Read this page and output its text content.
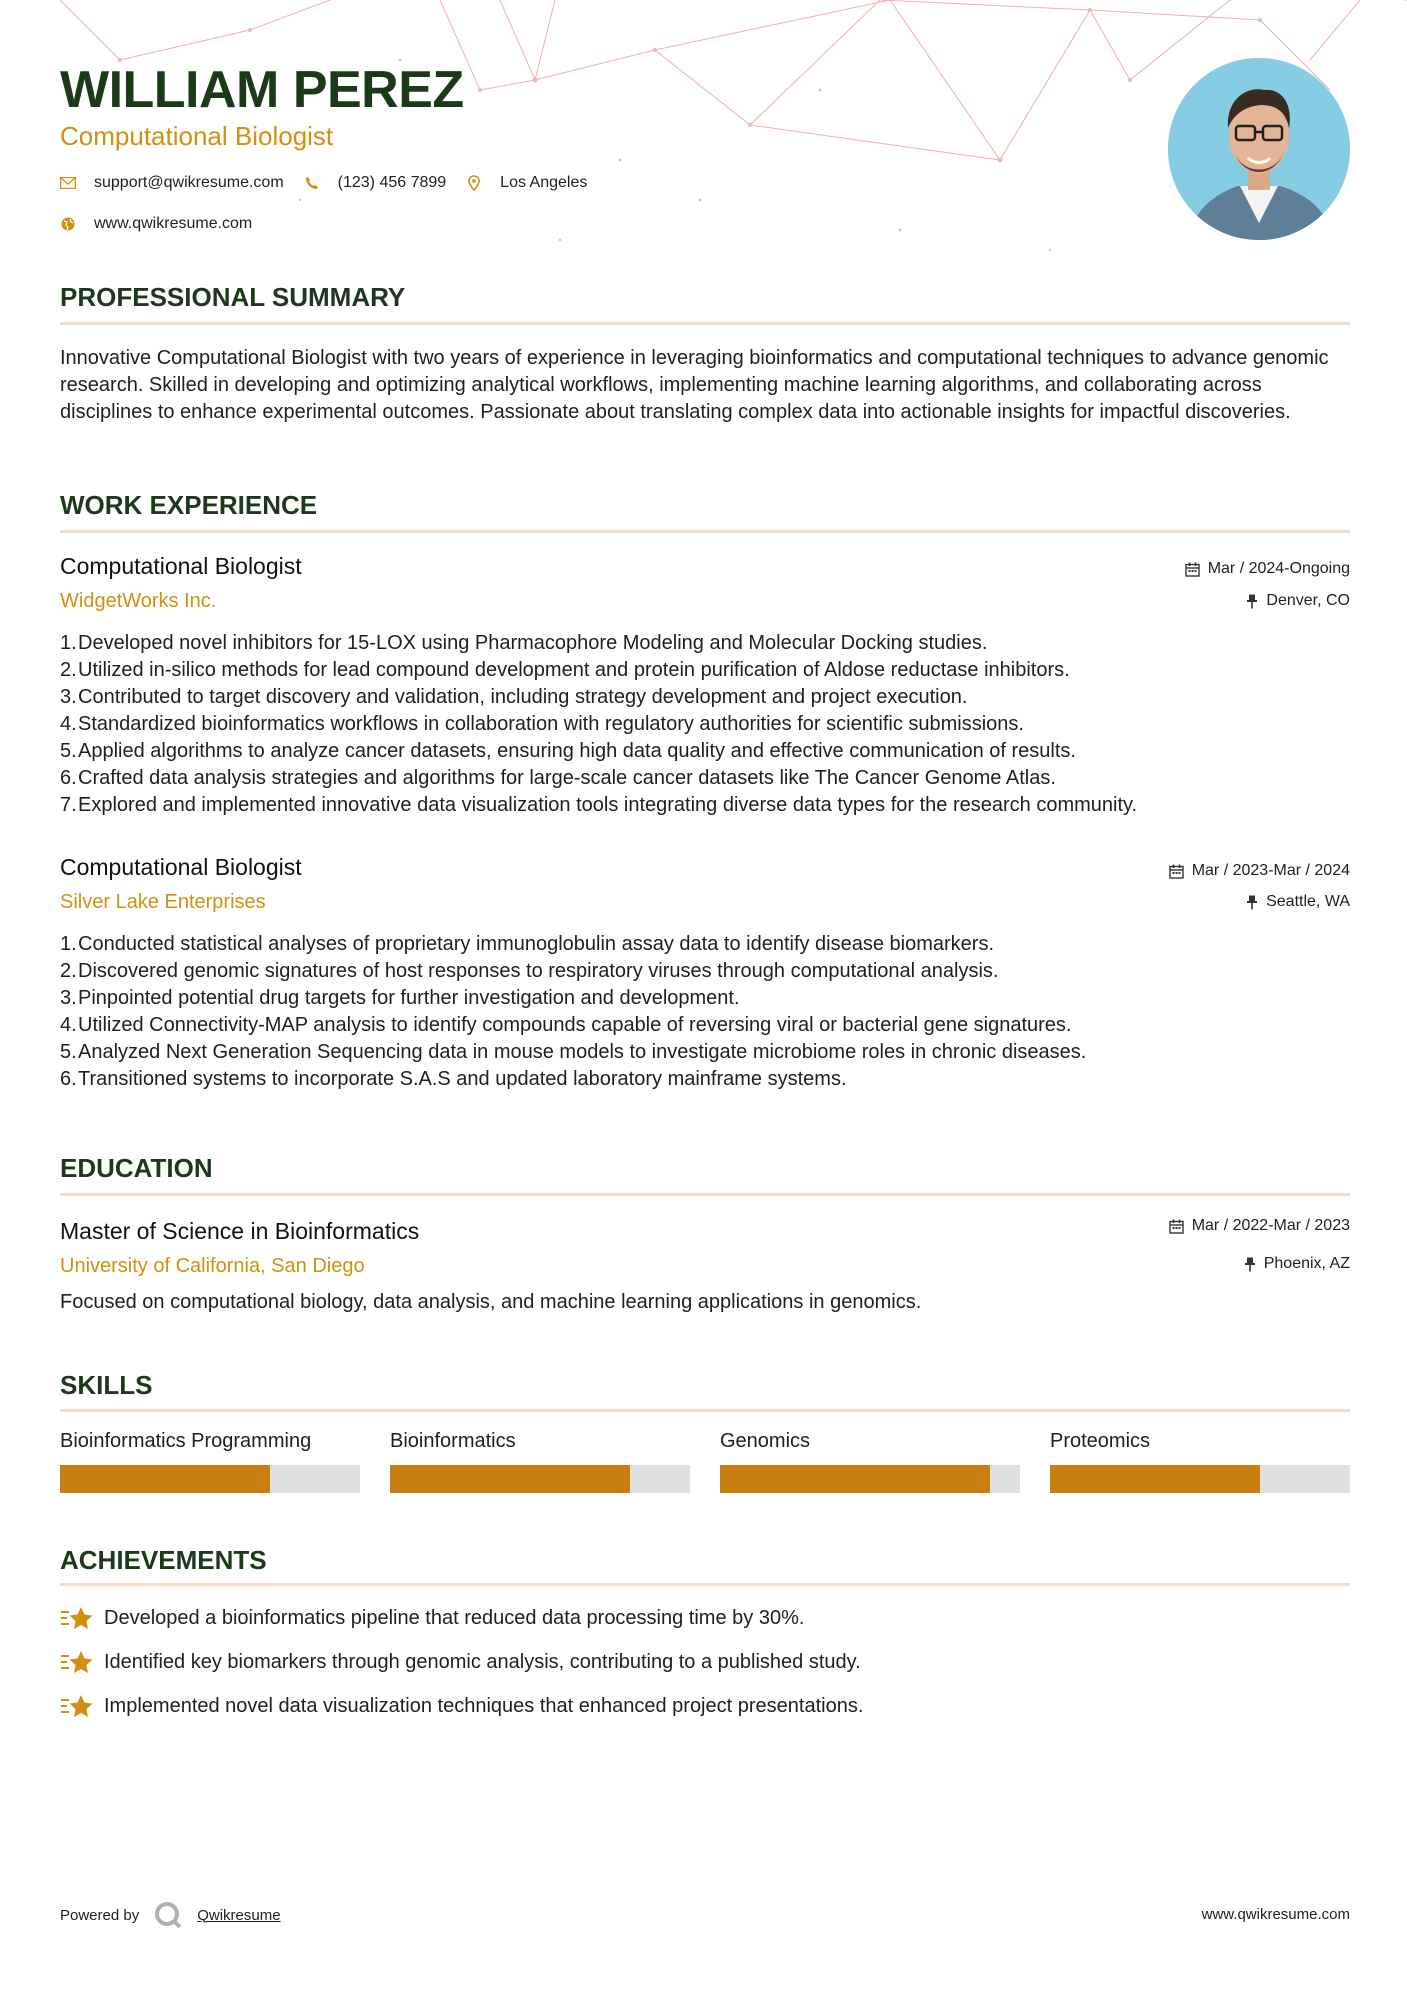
WILLIAM PEREZ
Computational Biologist
support@qwikresume.com	(123) 456 7899	Los Angeles
www.qwikresume.com
PROFESSIONAL SUMMARY
Innovative Computational Biologist with two years of experience in leveraging bioinformatics and computational techniques to advance genomic research. Skilled in developing and optimizing analytical workflows, implementing machine learning algorithms, and collaborating across disciplines to enhance experimental outcomes. Passionate about translating complex data into actionable insights for impactful discoveries.
WORK EXPERIENCE
Computational Biologist
WidgetWorks Inc.
Mar / 2024-Ongoing
Denver, CO
1. Developed novel inhibitors for 15-LOX using Pharmacophore Modeling and Molecular Docking studies.
2. Utilized in-silico methods for lead compound development and protein purification of Aldose reductase inhibitors.
3. Contributed to target discovery and validation, including strategy development and project execution.
4. Standardized bioinformatics workflows in collaboration with regulatory authorities for scientific submissions.
5. Applied algorithms to analyze cancer datasets, ensuring high data quality and effective communication of results.
6. Crafted data analysis strategies and algorithms for large-scale cancer datasets like The Cancer Genome Atlas.
7. Explored and implemented innovative data visualization tools integrating diverse data types for the research community.
Computational Biologist
Silver Lake Enterprises
Mar / 2023-Mar / 2024
Seattle, WA
1. Conducted statistical analyses of proprietary immunoglobulin assay data to identify disease biomarkers.
2. Discovered genomic signatures of host responses to respiratory viruses through computational analysis.
3. Pinpointed potential drug targets for further investigation and development.
4. Utilized Connectivity-MAP analysis to identify compounds capable of reversing viral or bacterial gene signatures.
5. Analyzed Next Generation Sequencing data in mouse models to investigate microbiome roles in chronic diseases.
6. Transitioned systems to incorporate S.A.S and updated laboratory mainframe systems.
EDUCATION
Master of Science in Bioinformatics
University of California, San Diego
Mar / 2022-Mar / 2023
Phoenix, AZ
Focused on computational biology, data analysis, and machine learning applications in genomics.
SKILLS
Bioinformatics Programming	Bioinformatics	Genomics	Proteomics
ACHIEVEMENTS
Developed a bioinformatics pipeline that reduced data processing time by 30%.
Identified key biomarkers through genomic analysis, contributing to a published study.
Implemented novel data visualization techniques that enhanced project presentations.
Powered by	Qwikresume	www.qwikresume.com
